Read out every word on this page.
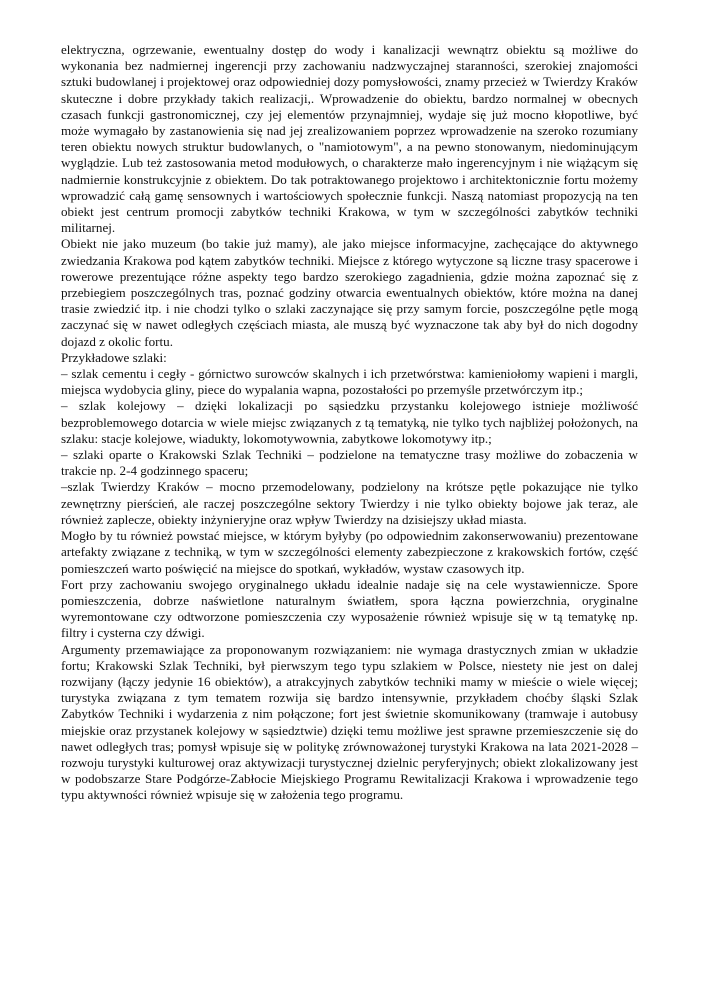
elektryczna, ogrzewanie, ewentualny dostęp do wody i kanalizacji wewnątrz obiektu są możliwe do wykonania bez nadmiernej ingerencji przy zachowaniu nadzwyczajnej staranności, szerokiej znajomości sztuki budowlanej i projektowej oraz odpowiedniej dozy pomysłowości, znamy przecież w Twierdzy Kraków skuteczne i dobre przykłady takich realizacji,. Wprowadzenie do obiektu, bardzo normalnej w obecnych czasach funkcji gastronomicznej, czy jej elementów przynajmniej, wydaje się już mocno kłopotliwe, być może wymagało by zastanowienia się nad jej zrealizowaniem poprzez wprowadzenie na szeroko rozumiany teren obiektu nowych struktur budowlanych, o "namiotowym", a na pewno stonowanym, niedominującym wyglądzie. Lub też zastosowania metod modułowych, o charakterze mało ingerencyjnym i nie wiążącym się nadmiernie konstrukcyjnie z obiektem. Do tak potraktowanego projektowo i architektonicznie fortu możemy wprowadzić całą gamę sensownych i wartościowych społecznie funkcji. Naszą natomiast propozycją na ten obiekt jest centrum promocji zabytków techniki Krakowa, w tym w szczególności zabytków techniki militarnej.

Obiekt nie jako muzeum (bo takie już mamy), ale jako miejsce informacyjne, zachęcające do aktywnego zwiedzania Krakowa pod kątem zabytków techniki. Miejsce z którego wytyczone są liczne trasy spacerowe i rowerowe prezentujące różne aspekty tego bardzo szerokiego zagadnienia, gdzie można zapoznać się z przebiegiem poszczególnych tras, poznać godziny otwarcia ewentualnych obiektów, które można na danej trasie zwiedzić itp. i nie chodzi tylko o szlaki zaczynające się przy samym forcie, poszczególne pętle mogą zaczynać się w nawet odległych częściach miasta, ale muszą być wyznaczone tak aby był do nich dogodny dojazd z okolic fortu.

Przykładowe szlaki:

– szlak cementu i cegły - górnictwo surowców skalnych i ich przetwórstwa: kamieniołomy wapieni i margli, miejsca wydobycia gliny, piece do wypalania wapna, pozostałości po przemyśle przetwórczym itp.;

– szlak kolejowy – dzięki lokalizacji po sąsiedzku przystanku kolejowego istnieje możliwość bezproblemowego dotarcia w wiele miejsc związanych z tą tematyką, nie tylko tych najbliżej położonych, na szlaku: stacje kolejowe, wiadukty, lokomotywownia, zabytkowe lokomotywy itp.;

– szlaki oparte o Krakowski Szlak Techniki – podzielone na tematyczne trasy możliwe do zobaczenia w trakcie np. 2-4 godzinnego spaceru;

–szlak Twierdzy Kraków – mocno przemodelowany, podzielony na krótsze pętle pokazujące nie tylko zewnętrzny pierścień, ale raczej poszczególne sektory Twierdzy i nie tylko obiekty bojowe jak teraz, ale również zaplecze, obiekty inżynieryjne oraz wpływ Twierdzy na dzisiejszy układ miasta.

Mogło by tu również powstać miejsce, w którym byłyby (po odpowiednim zakonserwowaniu) prezentowane artefakty związane z techniką, w tym w szczególności elementy zabezpieczone z krakowskich fortów, część pomieszczeń warto poświęcić na miejsce do spotkań, wykładów, wystaw czasowych itp.

Fort przy zachowaniu swojego oryginalnego układu idealnie nadaje się na cele wystawiennicze. Spore pomieszczenia, dobrze naświetlone naturalnym światłem, spora łączna powierzchnia, oryginalne wyremontowane czy odtworzone pomieszczenia czy wyposażenie również wpisuje się w tą tematykę np. filtry i cysterna czy dźwigi.

Argumenty przemawiające za proponowanym rozwiązaniem: nie wymaga drastycznych zmian w układzie fortu; Krakowski Szlak Techniki, był pierwszym tego typu szlakiem w Polsce, niestety nie jest on dalej rozwijany (łączy jedynie 16 obiektów), a atrakcyjnych zabytków techniki mamy w mieście o wiele więcej; turystyka związana z tym tematem rozwija się bardzo intensywnie, przykładem choćby śląski Szlak Zabytków Techniki i wydarzenia z nim połączone; fort jest świetnie skomunikowany (tramwaje i autobusy miejskie oraz przystanek kolejowy w sąsiedztwie) dzięki temu możliwe jest sprawne przemieszczenie się do nawet odległych tras; pomysł wpisuje się w politykę zrównoważonej turystyki Krakowa na lata 2021-2028 – rozwoju turystyki kulturowej oraz aktywizacji turystycznej dzielnic peryferyjnych; obiekt zlokalizowany jest w podobszarze Stare Podgórze-Zabłocie Miejskiego Programu Rewitalizacji Krakowa i wprowadzenie tego typu aktywności również wpisuje się w założenia tego programu.
